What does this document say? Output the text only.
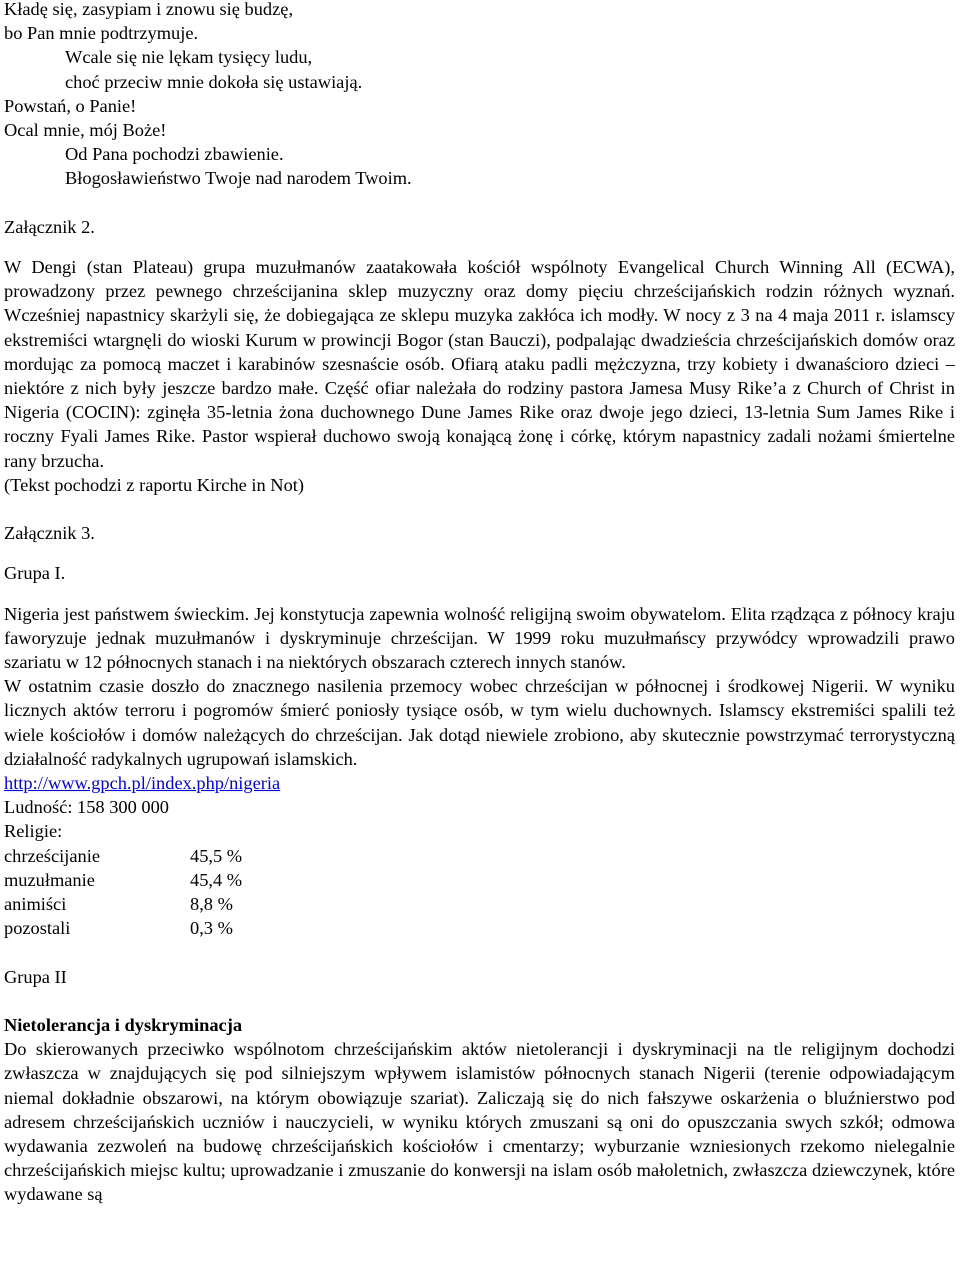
Kładę się, zasypiam i znowu się budzę,

bo Pan mnie podtrzymuje.

Wcale się nie lękam tysięcy ludu,

choć przeciw mnie dokoła się ustawiają.

Powstań, o Panie!

Ocal mnie, mój Boże!

Od Pana pochodzi zbawienie.

Błogosławieństwo Twoje nad narodem Twoim.

Załącznik 2.

W Dengi (stan Plateau) grupa muzułmanów zaatakowała kościół wspólnoty Evangelical Church Winning All (ECWA), prowadzony przez pewnego chrześcijanina sklep muzyczny oraz domy pięciu chrześcijańskich rodzin różnych wyznań. Wcześniej napastnicy skarżyli się, że dobiegająca ze sklepu muzyka zakłóca ich modły. W nocy z 3 na 4 maja 2011 r. islamscy ekstremiści wtargnęli do wioski Kurum w prowincji Bogor (stan Bauczi), podpalając dwadzieścia chrześcijańskich domów oraz mordując za pomocą maczet i karabinów szesnaście osób. Ofiarą ataku padli mężczyzna, trzy kobiety i dwanaścioro dzieci – niektóre z nich były jeszcze bardzo małe. Część ofiar należała do rodziny pastora Jamesa Musy Rike’a z Church of Christ in Nigeria (COCIN): zginęła 35-letnia żona duchownego Dune James Rike oraz dwoje jego dzieci, 13-letnia Sum James Rike i roczny Fyali James Rike. Pastor wspierał duchowo swoją konającą żonę i córkę, którym napastnicy zadali nożami śmiertelne rany brzucha.

(Tekst pochodzi z raportu Kirche in Not)

Załącznik 3.

Grupa I.

Nigeria jest państwem świeckim. Jej konstytucja zapewnia wolność religijną swoim obywatelom. Elita rządząca z północy kraju faworyzuje jednak muzułmanów i dyskryminuje chrześcijan. W 1999 roku muzułmańscy przywódcy wprowadzili prawo szariatu w 12 północnych stanach i na niektórych obszarach czterech innych stanów.

W ostatnim czasie doszło do znacznego nasilenia przemocy wobec chrześcijan w północnej i środkowej Nigerii. W wyniku licznych aktów terroru i pogromów śmierć poniosły tysiące osób, w tym wielu duchownych. Islamscy ekstremiści spalili też wiele kościołów i domów należących do chrześcijan. Jak dotąd niewiele zrobiono, aby skutecznie powstrzymać terrorystyczną działalność radykalnych ugrupowań islamskich.

http://www.gpch.pl/index.php/nigeria

Ludność: 158 300 000

Religie:

chrześcijanie	45,5 %
muzułmanie	45,4 %
animiści	8,8 %
pozostali	0,3 %

Grupa II

Nietolerancja i dyskryminacja

Do skierowanych przeciwko wspólnotom chrześcijańskim aktów nietolerancji i dyskryminacji na tle religijnym dochodzi zwłaszcza w znajdujących się pod silniejszym wpływem islamistów północnych stanach Nigerii (terenie odpowiadającym niemal dokładnie obszarowi, na którym obowiązuje szariat). Zaliczają się do nich fałszywe oskarżenia o bluźnierstwo pod adresem chrześcijańskich uczniów i nauczycieli, w wyniku których zmuszani są oni do opuszczania swych szkół; odmowa wydawania zezwoleń na budowę chrześcijańskich kościołów i cmentarzy; wyburzanie wzniesionych rzekomo nielegalnie chrześcijańskich miejsc kultu; uprowadzanie i zmuszanie do konwersji na islam osób małoletnich, zwłaszcza dziewczynek, które wydawane są
